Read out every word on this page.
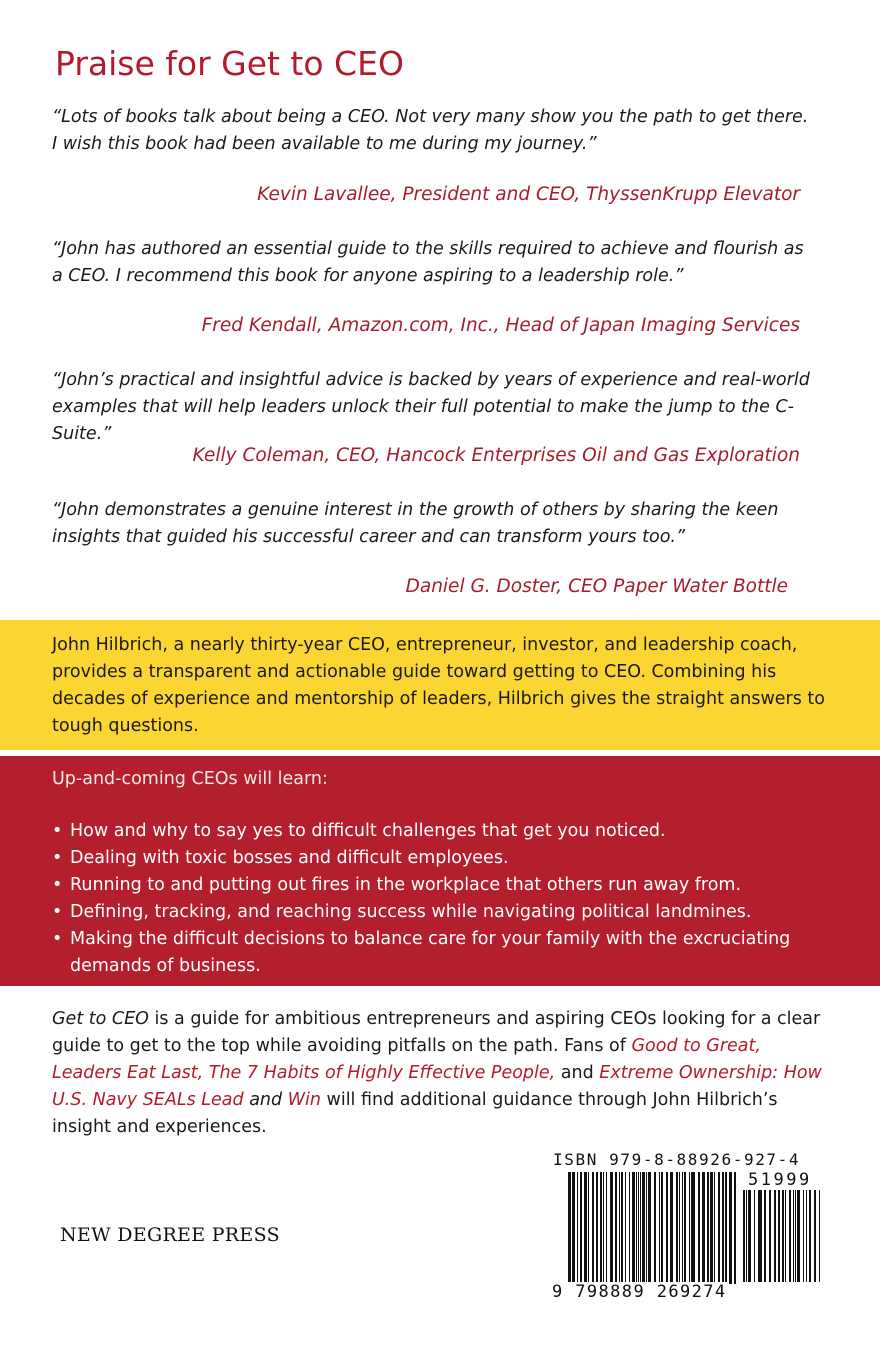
Praise for Get to CEO

“Lots of books talk about being a CEO. Not very many show you the path to get there. I wish this book had been available to me during my journey.”

Kevin Lavallee, President and CEO, ThyssenKrupp Elevator

“John has authored an essential guide to the skills required to achieve and flourish as a CEO. I recommend this book for anyone aspiring to a leadership role.”

Fred Kendall, Amazon.com, Inc., Head of Japan Imaging Services

“John’s practical and insightful advice is backed by years of experience and real-world examples that will help leaders unlock their full potential to make the jump to the C-Suite.”

Kelly Coleman, CEO, Hancock Enterprises Oil and Gas Exploration

“John demonstrates a genuine interest in the growth of others by sharing the keen insights that guided his successful career and can transform yours too.”

Daniel G. Doster, CEO Paper Water Bottle

John Hilbrich, a nearly thirty-year CEO, entrepreneur, investor, and leadership coach, provides a transparent and actionable guide toward getting to CEO. Combining his decades of experience and mentorship of leaders, Hilbrich gives the straight answers to tough questions.

Up-and-coming CEOs will learn:

• How and why to say yes to difficult challenges that get you noticed.
• Dealing with toxic bosses and difficult employees.
• Running to and putting out fires in the workplace that others run away from.
• Defining, tracking, and reaching success while navigating political landmines.
• Making the difficult decisions to balance care for your family with the excruciating demands of business.

Get to CEO is a guide for ambitious entrepreneurs and aspiring CEOs looking for a clear guide to get to the top while avoiding pitfalls on the path. Fans of Good to Great, Leaders Eat Last, The 7 Habits of Highly Effective People, and Extreme Ownership: How U.S. Navy SEALs Lead and Win will find additional guidance through John Hilbrich’s insight and experiences.

NEW DEGREE PRESS

ISBN 979-8-88926-927-4
51999
9 798889 269274
